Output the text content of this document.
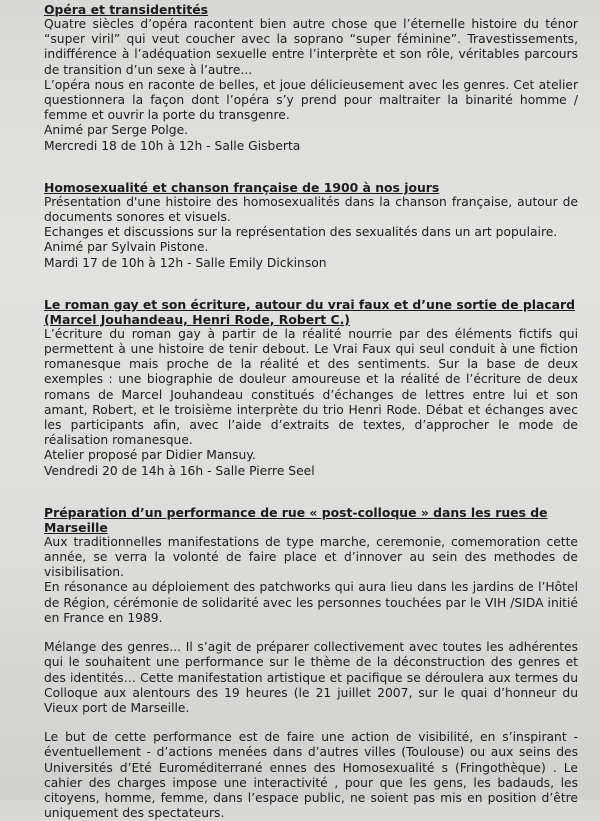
Opéra et transidentités

Quatre siècles d’opéra racontent bien autre chose que l’éternelle histoire du ténor “super viril” qui veut coucher avec la soprano “super féminine”. Travestissements, indifférence à l’adéquation sexuelle entre l’interprète et son rôle, véritables parcours de transition d’un sexe à l’autre...

L’opéra nous en raconte de belles, et joue délicieusement avec les genres. Cet atelier questionnera la façon dont l’opéra s’y prend pour maltraiter la binarité homme / femme et ouvrir la porte du transgenre.

Animé par Serge Polge.

Mercredi 18 de 10h à 12h - Salle Gisberta

Homosexualité et chanson française de 1900 à nos jours

Présentation d'une histoire des homosexualités dans la chanson française, autour de documents sonores et visuels.

Echanges et discussions sur la représentation des sexualités dans un art populaire.

Animé par Sylvain Pistone.

Mardi 17 de 10h à 12h - Salle Emily Dickinson

Le roman gay et son écriture, autour du vrai faux et d’une sortie de placard (Marcel Jouhandeau, Henri Rode, Robert C.)

L’écriture du roman gay à partir de la réalité nourrie par des éléments fictifs qui permettent à une histoire de tenir debout. Le Vrai Faux qui seul conduit à une fiction romanesque mais proche de la réalité et des sentiments. Sur la base de deux exemples : une biographie de douleur amoureuse et la réalité de l’écriture de deux romans de Marcel Jouhandeau constitués d’échanges de lettres entre lui et son amant, Robert, et le troisième interprète du trio Henri Rode. Débat et échanges avec les participants afin, avec l’aide d’extraits de textes, d’approcher le mode de réalisation romanesque.

Atelier proposé par Didier Mansuy.

Vendredi 20 de 14h à 16h - Salle Pierre Seel

Préparation d’un performance de rue « post-colloque » dans les rues de Marseille

Aux traditionnelles manifestations de type marche, ceremonie, comemoration cette année, se verra la volonté de faire place et d’innover au sein des methodes de visibilisation.

En résonance au déploiement des patchworks qui aura lieu dans les jardins de l’Hôtel de Région, cérémonie de solidarité avec les personnes touchées par le VIH /SIDA initié en France en 1989.

Mélange des genres... Il s’agit de préparer collectivement avec toutes les adhérentes qui le souhaitent une performance sur le thème de la déconstruction des genres et des identités… Cette manifestation artistique et pacifique se déroulera aux termes du Colloque aux alentours des 19 heures (le 21 juillet 2007, sur le quai d’honneur du Vieux port de Marseille.

Le but de cette performance est de faire une action de visibilité, en s’inspirant - éventuellement - d’actions menées dans d’autres villes (Toulouse) ou aux seins des Universités d’Eté Euroméditerrané ennes des Homosexualité s (Fringothèque) . Le cahier des charges impose une interactivité , pour que les gens, les badauds, les citoyens, homme, femme, dans l’espace public, ne soient pas mis en position d’être uniquement des spectateurs.
